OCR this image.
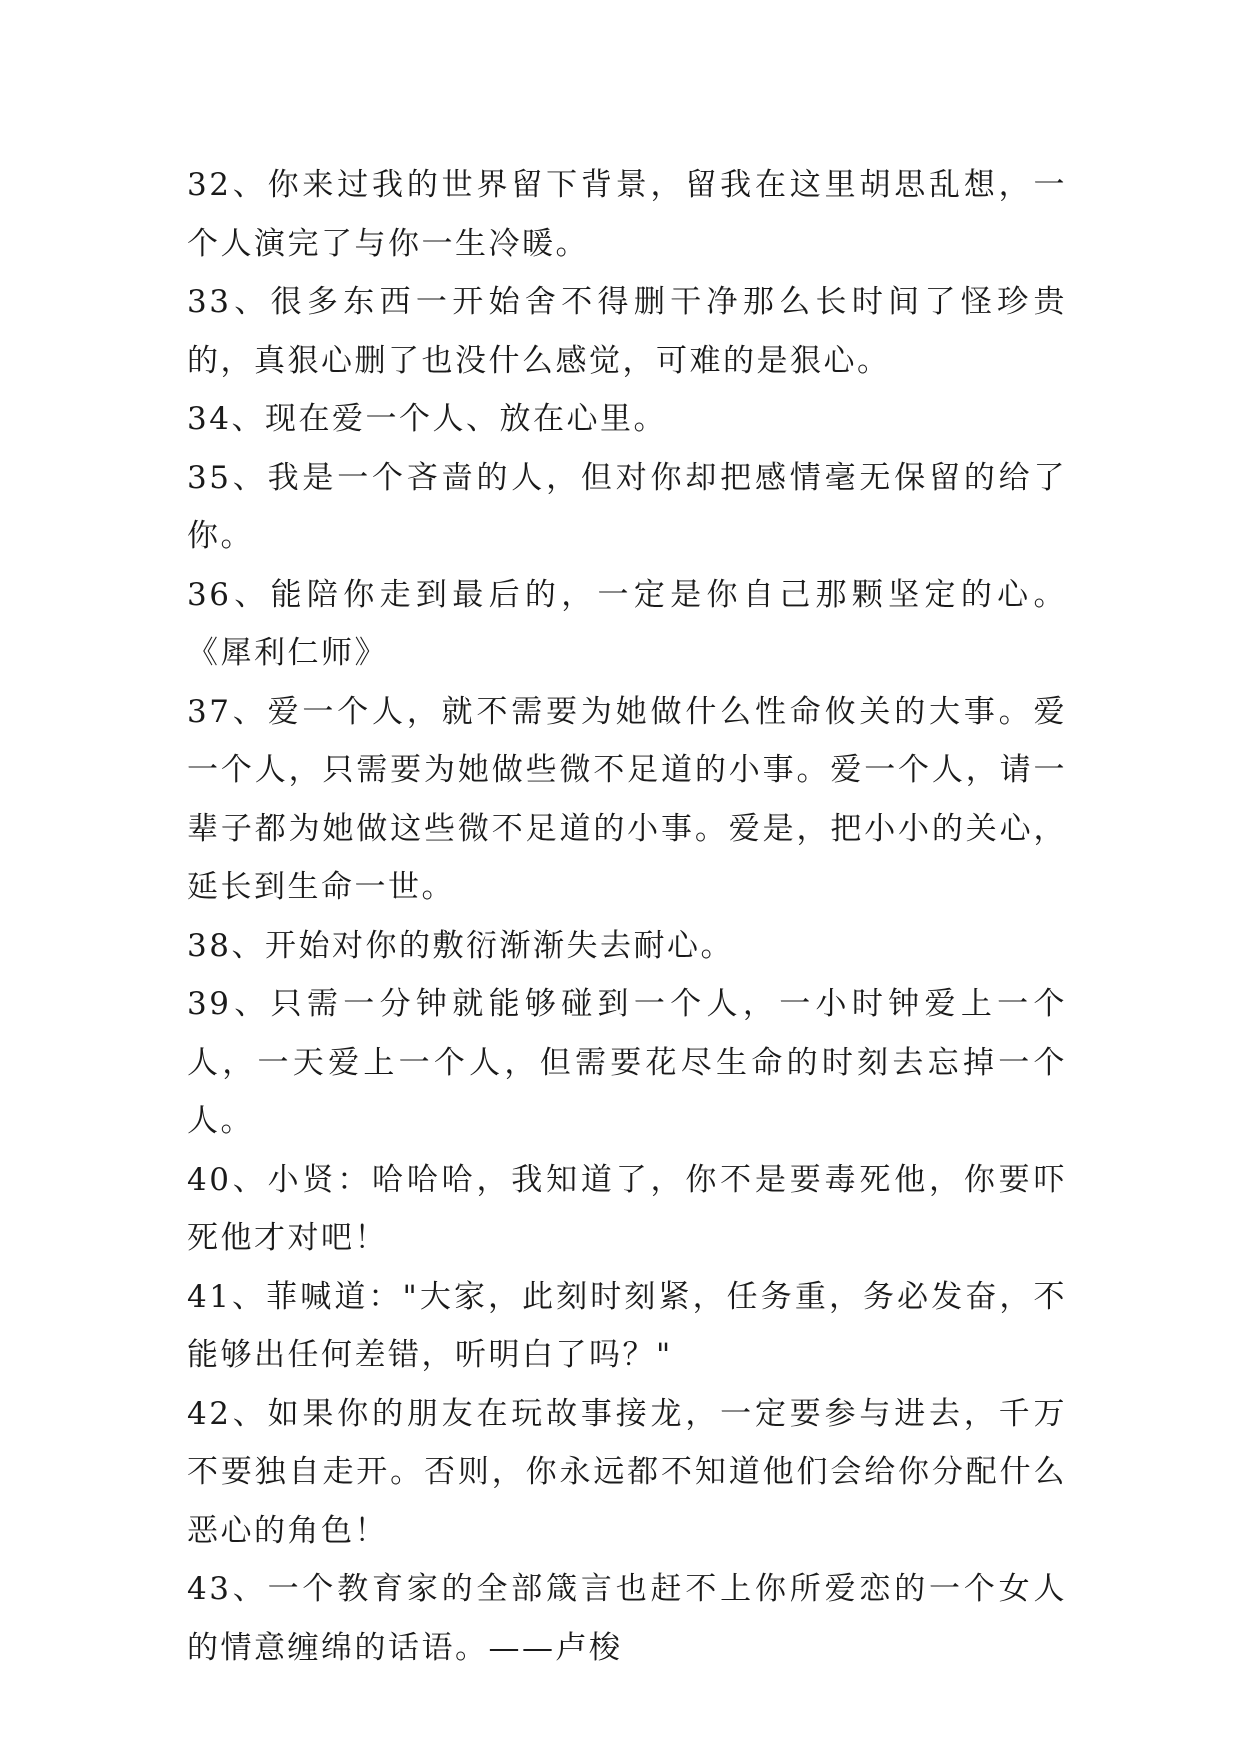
32、你来过我的世界留下背景，留我在这里胡思乱想，一个人演完了与你一生冷暖。

33、很多东西一开始舍不得删干净那么长时间了怪珍贵的，真狠心删了也没什么感觉，可难的是狠心。

34、现在爱一个人、放在心里。

35、我是一个吝啬的人，但对你却把感情毫无保留的给了你。

36、能陪你走到最后的，一定是你自己那颗坚定的心。 《犀利仁师》

37、爱一个人，就不需要为她做什么性命攸关的大事。爱一个人，只需要为她做些微不足道的小事。爱一个人，请一辈子都为她做这些微不足道的小事。爱是，把小小的关心，延长到生命一世。

38、开始对你的敷衍渐渐失去耐心。

39、只需一分钟就能够碰到一个人，一小时钟爱上一个人，一天爱上一个人，但需要花尽生命的时刻去忘掉一个人。

40、小贤：哈哈哈，我知道了，你不是要毒死他，你要吓死他才对吧！

41、菲喊道："大家，此刻时刻紧，任务重，务必发奋，不能够出任何差错，听明白了吗？"

42、如果你的朋友在玩故事接龙，一定要参与进去，千万不要独自走开。否则，你永远都不知道他们会给你分配什么恶心的角色！

43、一个教育家的全部箴言也赶不上你所爱恋的一个女人的情意缠绵的话语。——卢梭
